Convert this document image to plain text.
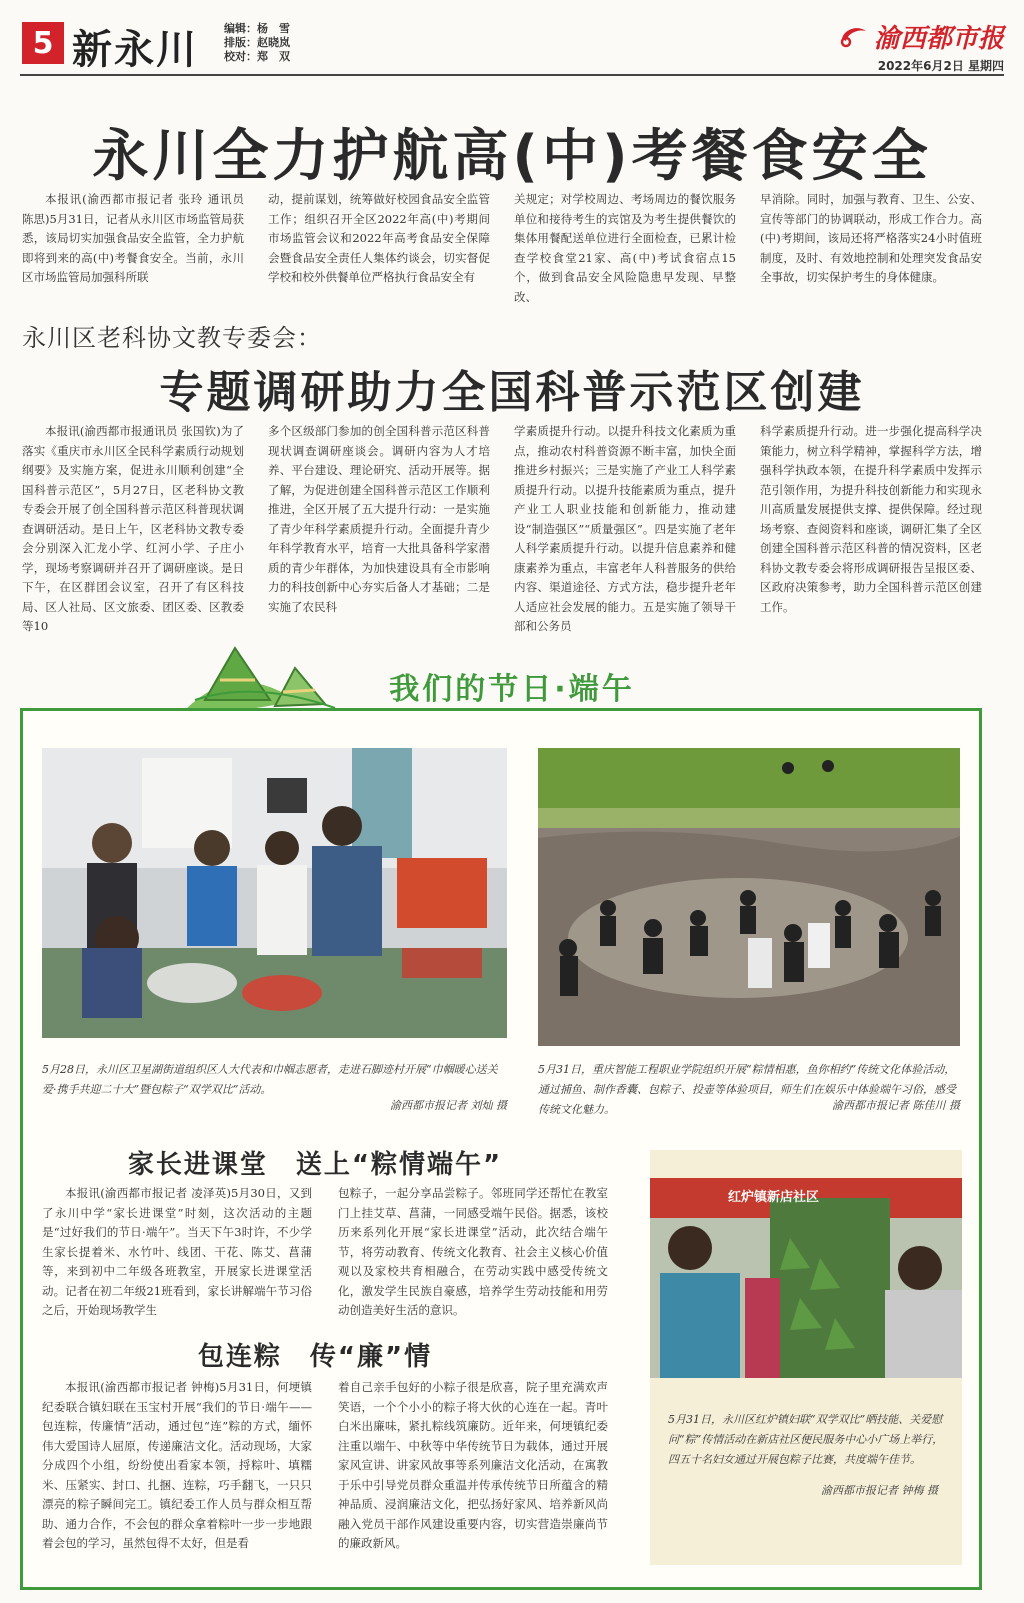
5 新永川 编辑：杨　雪
排版：赵晓岚
校对：郑　双
渝西都市报
2022年6月2日 星期四
永川全力护航高(中)考餐食安全

本报讯(渝西都市报记者 张玲 通讯员 陈思)5月31日，记者从永川区市场监管局获悉，该局切实加强食品安全监管，全力护航即将到来的高(中)考餐食安全。当前，永川区市场监管局加强科所联

动，提前谋划，统筹做好校园食品安全监管工作；组织召开全区2022年高(中)考期间市场监管会议和2022年高考食品安全保障会暨食品安全责任人集体约谈会，切实督促学校和校外供餐单位严格执行食品安全有

关规定；对学校周边、考场周边的餐饮服务单位和接待考生的宾馆及为考生提供餐饮的集体用餐配送单位进行全面检查，已累计检查学校食堂21家、高(中)考试食宿点15个，做到食品安全风险隐患早发现、早整改、

早消除。同时，加强与教育、卫生、公安、宣传等部门的协调联动，形成工作合力。高(中)考期间，该局还将严格落实24小时值班制度，及时、有效地控制和处理突发食品安全事故，切实保护考生的身体健康。

永川区老科协文教专委会：
专题调研助力全国科普示范区创建

本报讯(渝西都市报通讯员 张国钦)为了落实《重庆市永川区全民科学素质行动规划纲要》及实施方案，促进永川顺利创建“全国科普示范区”，5月27日，区老科协文教专委会开展了创全国科普示范区科普现状调查调研活动。是日上午，区老科协文教专委会分别深入汇龙小学、红河小学、子庄小学，现场考察调研并召开了调研座谈。是日下午，在区群团会议室，召开了有区科技局、区人社局、区文旅委、团区委、区教委等10

多个区级部门参加的创全国科普示范区科普现状调查调研座谈会。调研内容为人才培养、平台建设、理论研究、活动开展等。据了解，为促进创建全国科普示范区工作顺利推进，全区开展了五大提升行动：一是实施了青少年科学素质提升行动。全面提升青少年科学教育水平，培育一大批具备科学家潜质的青少年群体，为加快建设具有全市影响力的科技创新中心夯实后备人才基础；二是实施了农民科

学素质提升行动。以提升科技文化素质为重点，推动农村科普资源不断丰富，加快全面推进乡村振兴；三是实施了产业工人科学素质提升行动。以提升技能素质为重点，提升产业工人职业技能和创新能力，推动建设“制造强区”“质量强区”。四是实施了老年人科学素质提升行动。以提升信息素养和健康素养为重点，丰富老年人科普服务的供给内容、渠道途径、方式方法，稳步提升老年人适应社会发展的能力。五是实施了领导干部和公务员

科学素质提升行动。进一步强化提高科学决策能力，树立科学精神，掌握科学方法，增强科学执政本领，在提升科学素质中发挥示范引领作用，为提升科技创新能力和实现永川高质量发展提供支撑、提供保障。经过现场考察、查阅资料和座谈，调研汇集了全区创建全国科普示范区科普的情况资料，区老科协文教专委会将形成调研报告呈报区委、区政府决策参考，助力全国科普示范区创建工作。

我们的节日·端午
5月28日，永川区卫星湖街道组织区人大代表和巾帼志愿者，走进石脚迹村开展“巾帼暖心送关爱·携手共迎二十大”暨包粽子“双学双比”活动。
渝西都市报记者 刘灿 摄
5月31日，重庆智能工程职业学院组织开展“粽情相惠，鱼你相约”传统文化体验活动，通过捕鱼、制作香囊、包粽子、投壶等体验项目，师生们在娱乐中体验端午习俗，感受传统文化魅力。	渝西都市报记者 陈佳川 摄
家长进课堂　送上“粽情端午”

本报讯(渝西都市报记者 凌泽英)5月30日，又到了永川中学“家长进课堂”时刻，这次活动的主题是“过好我们的节日·端午”。当天下午3时许，不少学生家长提着米、水竹叶、线团、干花、陈艾、菖蒲等，来到初中二年级各班教室，开展家长进课堂活动。记者在初二年级21班看到，家长讲解端午节习俗之后，开始现场教学生

包粽子，一起分享品尝粽子。邻班同学还帮忙在教室门上挂艾草、菖蒲，一同感受端午民俗。据悉，该校历来系列化开展“家长进课堂”活动，此次结合端午节，将劳动教育、传统文化教育、社会主义核心价值观以及家校共育相融合，在劳动实践中感受传统文化，激发学生民族自豪感，培养学生劳动技能和用劳动创造美好生活的意识。

包连粽　传“廉”情

本报讯(渝西都市报记者 钟梅)5月31日，何埂镇纪委联合镇妇联在玉宝村开展“我们的节日·端午——包连粽，传廉情”活动，通过包“连”粽的方式，缅怀伟大爱国诗人屈原，传递廉洁文化。活动现场，大家分成四个小组，纷纷使出看家本领，捋粽叶、填糯米、压紧实、封口、扎捆、连粽，巧手翻飞，一只只漂亮的粽子瞬间完工。镇纪委工作人员与群众相互帮助、通力合作，不会包的群众拿着粽叶一步一步地跟着会包的学习，虽然包得不太好，但是看

着自己亲手包好的小粽子很是欣喜，院子里充满欢声笑语，一个个小小的粽子将大伙的心连在一起。青叶白米出廉味，紧扎粽线筑廉防。近年来，何埂镇纪委注重以端午、中秋等中华传统节日为载体，通过开展家风宣讲、讲家风故事等系列廉洁文化活动，在寓教于乐中引导党员群众重温并传承传统节日所蕴含的精神品质、浸润廉洁文化，把弘扬好家风、培养新风尚融入党员干部作风建设重要内容，切实营造崇廉尚节的廉政新风。

红炉镇新店社区
5月31日，永川区红炉镇妇联“双学双比”晒技能、关爱慰问“粽”传情活动在新店社区便民服务中心小广场上举行，四五十名妇女通过开展包粽子比赛，共度端午佳节。
渝西都市报记者 钟梅 摄
